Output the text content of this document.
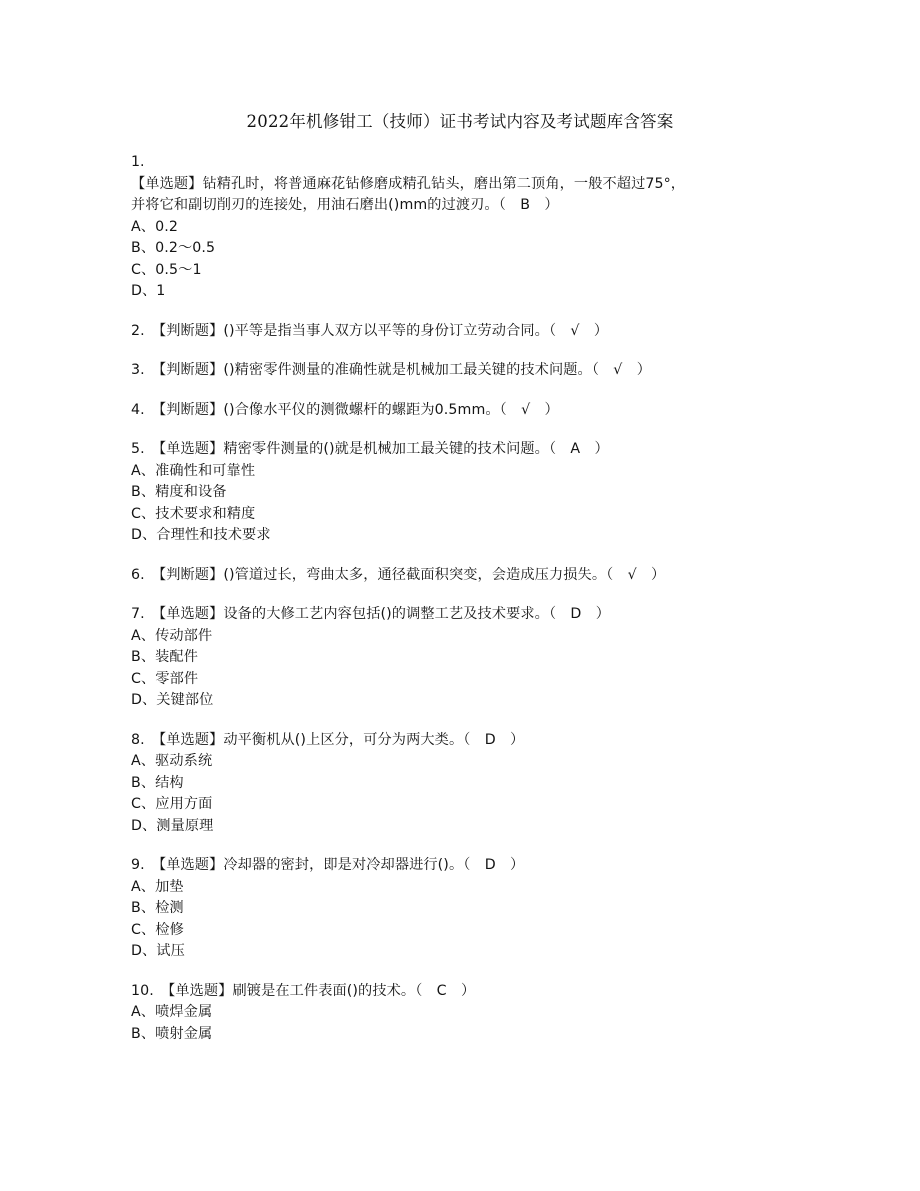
2022年机修钳工（技师）证书考试内容及考试题库含答案
1.
【单选题】钻精孔时，将普通麻花钻修磨成精孔钻头，磨出第二顶角，一般不超过75°，
并将它和副切削刃的连接处，用油石磨出()mm的过渡刃。（　B　）
A、0.2
B、0.2～0.5
C、0.5～1
D、1
2.　【判断题】()平等是指当事人双方以平等的身份订立劳动合同。（　√　）
3.　【判断题】()精密零件测量的准确性就是机械加工最关键的技术问题。（　√　）
4.　【判断题】()合像水平仪的测微螺杆的螺距为0.5mm。（　√　）
5.　【单选题】精密零件测量的()就是机械加工最关键的技术问题。（　A　）
A、准确性和可靠性
B、精度和设备
C、技术要求和精度
D、合理性和技术要求
6.　【判断题】()管道过长，弯曲太多，通径截面积突变，会造成压力损失。（　√　）
7.　【单选题】设备的大修工艺内容包括()的调整工艺及技术要求。（　D　）
A、传动部件
B、装配件
C、零部件
D、关键部位
8.　【单选题】动平衡机从()上区分，可分为两大类。（　D　）
A、驱动系统
B、结构
C、应用方面
D、测量原理
9.　【单选题】冷却器的密封，即是对冷却器进行()。（　D　）
A、加垫
B、检测
C、检修
D、试压
10.　【单选题】刷镀是在工件表面()的技术。（　C　）
A、喷焊金属
B、喷射金属
